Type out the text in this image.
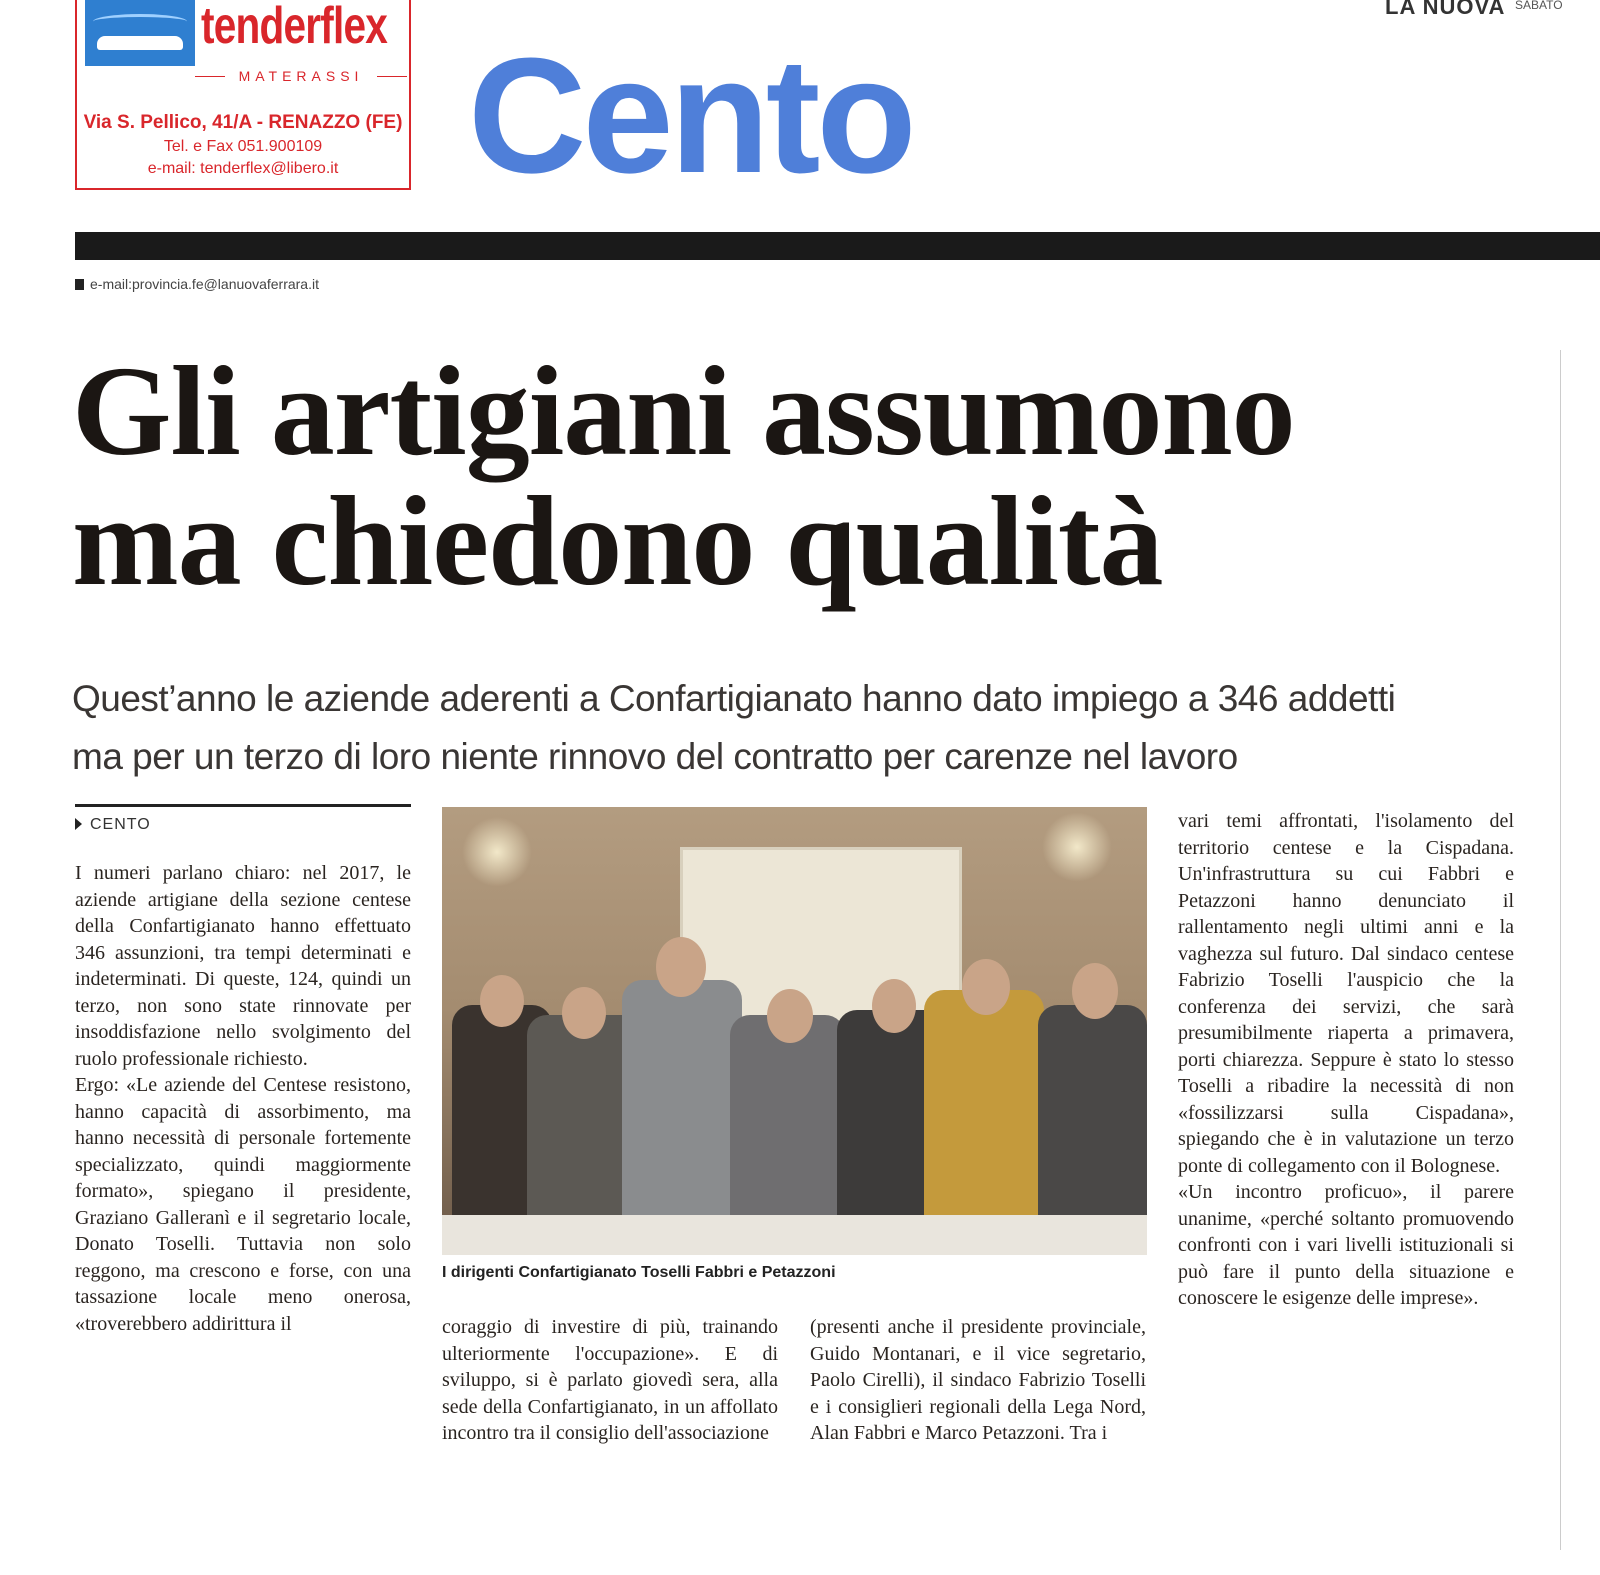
tenderflex
MATERASSI
Via S. Pellico, 41/A - RENAZZO (FE)
Tel. e Fax 051.900109
e-mail: tenderflex@libero.it
LA NUOVA SABATO
Cento
e-mail:provincia.fe@lanuovaferrara.it
Gli artigiani assumono
ma chiedono qualità
Quest’anno le aziende aderenti a Confartigianato hanno dato impiego a 346 addetti
ma per un terzo di loro niente rinnovo del contratto per carenze nel lavoro
CENTO
I numeri parlano chiaro: nel 2017, le aziende artigiane della sezione centese della Confartigianato hanno effettuato 346 assunzioni, tra tempi determinati e indeterminati. Di queste, 124, quindi un terzo, non sono state rinnovate per insoddisfazione nello svolgimento del ruolo professionale richiesto.
Ergo: «Le aziende del Centese resistono, hanno capacità di assorbimento, ma hanno necessità di personale fortemente specializzato, quindi maggiormente formato», spiegano il presidente, Graziano Galleranì e il segretario locale, Donato Toselli. Tuttavia non solo reggono, ma crescono e forse, con una tassazione locale meno onerosa, «troverebbero addirittura il
I dirigenti Confartigianato Toselli Fabbri e Petazzoni
coraggio di investire di più, trainando ulteriormente l'occupazione». E di sviluppo, si è parlato giovedì sera, alla sede della Confartigianato, in un affollato incontro tra il consiglio dell'associazione
(presenti anche il presidente provinciale, Guido Montanari, e il vice segretario, Paolo Cirelli), il sindaco Fabrizio Toselli e i consiglieri regionali della Lega Nord, Alan Fabbri e Marco Petazzoni. Tra i
vari temi affrontati, l'isolamento del territorio centese e la Cispadana. Un'infrastruttura su cui Fabbri e Petazzoni hanno denunciato il rallentamento negli ultimi anni e la vaghezza sul futuro. Dal sindaco centese Fabrizio Toselli l'auspicio che la conferenza dei servizi, che sarà presumibilmente riaperta a primavera, porti chiarezza. Seppure è stato lo stesso Toselli a ribadire la necessità di non «fossilizzarsi sulla Cispadana», spiegando che è in valutazione un terzo ponte di collegamento con il Bolognese.
«Un incontro proficuo», il parere unanime, «perché soltanto promuovendo confronti con i vari livelli istituzionali si può fare il punto della situazione e conoscere le esigenze delle imprese».
